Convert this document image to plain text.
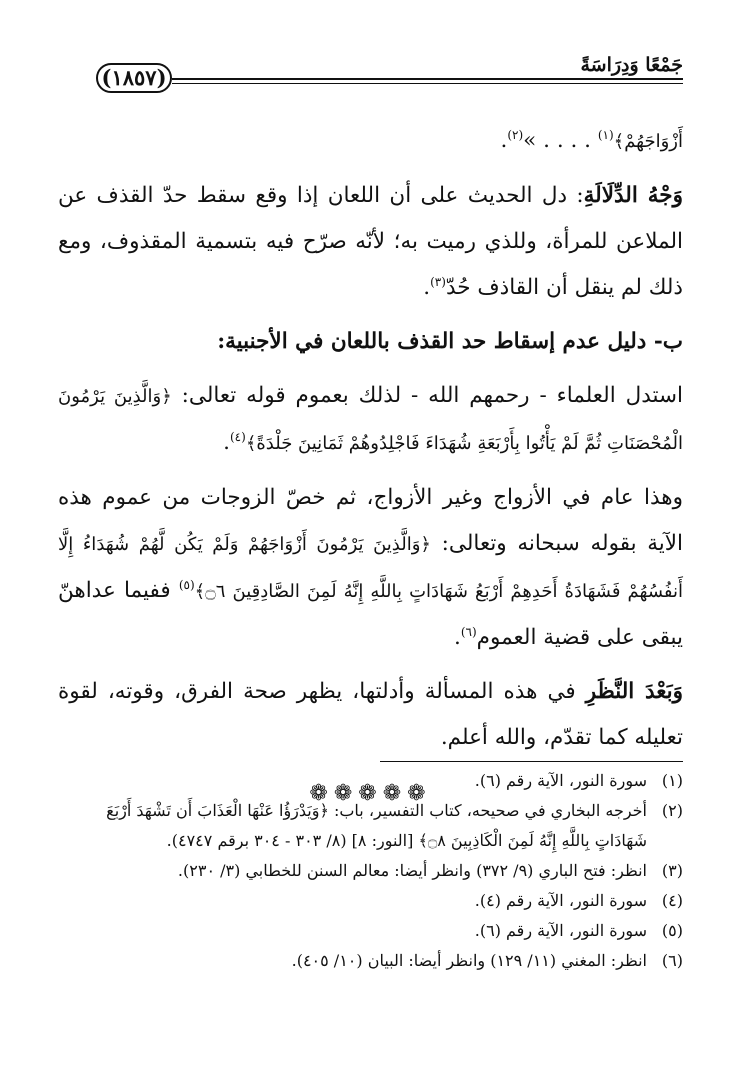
جَمْعًا وَدِرَاسَةً
(١٨٥٧)

أَزْوَاجَهُمْ﴾$^{(١)}$ . . . . »$^{(٢)}$.

وَجْهُ الدِّلَالَةِ: دل الحديث على أن اللعان إذا وقع سقط حدّ القذف عن الملاعن للمرأة، وللذي رميت به؛ لأنّه صرّح فيه بتسمية المقذوف، ومع ذلك لم ينقل أن القاذف حُدّ$^{(٣)}$.

ب- دليل عدم إسقاط حد القذف باللعان في الأجنبية:

استدل العلماء - رحمهم الله - لذلك بعموم قوله تعالى: ﴿وَالَّذِينَ يَرْمُونَ الْمُحْصَنَاتِ ثُمَّ لَمْ يَأْتُوا بِأَرْبَعَةِ شُهَدَاءَ فَاجْلِدُوهُمْ ثَمَانِينَ جَلْدَةً﴾$^{(٤)}$.

وهذا عام في الأزواج وغير الأزواج، ثم خصّ الزوجات من عموم هذه الآية بقوله سبحانه وتعالى: ﴿وَالَّذِينَ يَرْمُونَ أَزْوَاجَهُمْ وَلَمْ يَكُن لَّهُمْ شُهَدَاءُ إِلَّا أَنفُسُهُمْ فَشَهَادَةُ أَحَدِهِمْ أَرْبَعُ شَهَادَاتٍ بِاللَّهِ إِنَّهُ لَمِنَ الصَّادِقِينَ ۝٦﴾$^{(٥)}$ ففيما عداهنّ يبقى على قضية العموم$^{(٦)}$.

وَبَعْدَ النَّظَرِ في هذه المسألة وأدلتها، يظهر صحة الفرق، وقوته، لقوة تعليله كما تقدّم، والله أعلم.

❁❁❁❁❁
(١)
سورة النور، الآية رقم (٦).
(٢)
أخرجه البخاري في صحيحه، كتاب التفسير، باب: ﴿وَيَدْرَؤُا عَنْهَا الْعَذَابَ أَن تَشْهَدَ أَرْبَعَ شَهَادَاتٍ بِاللَّهِ إِنَّهُ لَمِنَ الْكَاذِبِينَ ۝٨﴾ [النور: ٨] (٨/ ٣٠٣ - ٣٠٤ برقم ٤٧٤٧).
(٣)
انظر: فتح الباري (٩/ ٣٧٢) وانظر أيضا: معالم السنن للخطابي (٣/ ٢٣٠).
(٤)
سورة النور، الآية رقم (٤).
(٥)
سورة النور، الآية رقم (٦).
(٦)
انظر: المغني (١١/ ١٢٩) وانظر أيضا: البيان (١٠/ ٤٠٥).
